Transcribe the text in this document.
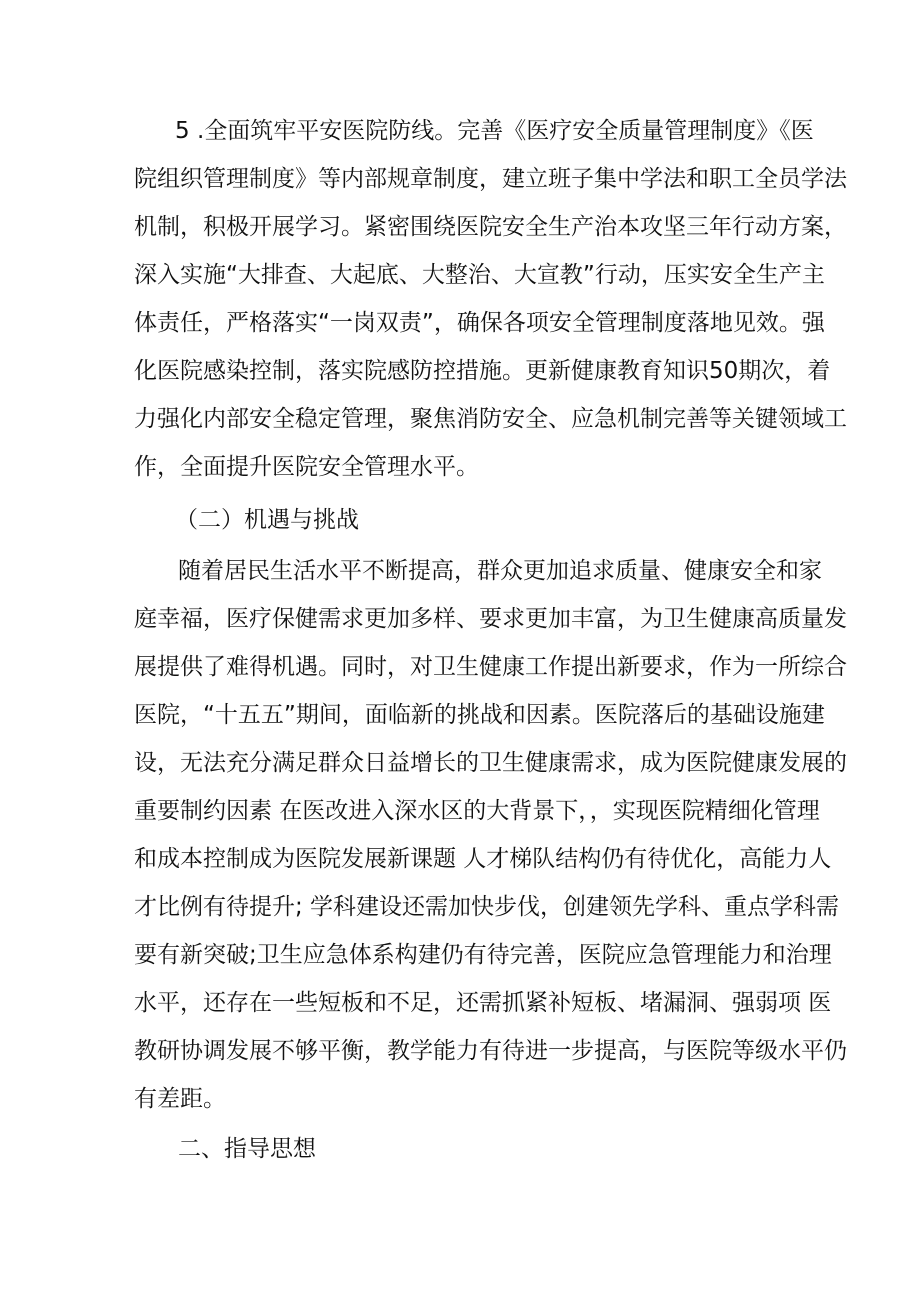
5 .全面筑牢平安医院防线。完善《医疗安全质量管理制度》《医

院组织管理制度》等内部规章制度，建立班子集中学法和职工全员学法

机制，积极开展学习。紧密围绕医院安全生产治本攻坚三年行动方案，

深入实施“大排查、大起底、大整治、大宣教”行动，压实安全生产主

体责任，严格落实“一岗双责”，确保各项安全管理制度落地见效。强

化医院感染控制，落实院感防控措施。更新健康教育知识50期次，着

力强化内部安全稳定管理，聚焦消防安全、应急机制完善等关键领域工

作，全面提升医院安全管理水平。

（二）机遇与挑战

随着居民生活水平不断提高，群众更加追求质量、健康安全和家

庭幸福，医疗保健需求更加多样、要求更加丰富，为卫生健康高质量发

展提供了难得机遇。同时，对卫生健康工作提出新要求，作为一所综合

医院，“十五五”期间，面临新的挑战和因素。医院落后的基础设施建

设，无法充分满足群众日益增长的卫生健康需求，成为医院健康发展的

重要制约因素 在医改进入深水区的大背景下，，实现医院精细化管理

和成本控制成为医院发展新课题 人才梯队结构仍有待优化，高能力人

才比例有待提升; 学科建设还需加快步伐，创建领先学科、重点学科需

要有新突破;卫生应急体系构建仍有待完善，医院应急管理能力和治理

水平，还存在一些短板和不足，还需抓紧补短板、堵漏洞、强弱项 医

教研协调发展不够平衡，教学能力有待进一步提高，与医院等级水平仍

有差距。

二、指导思想
